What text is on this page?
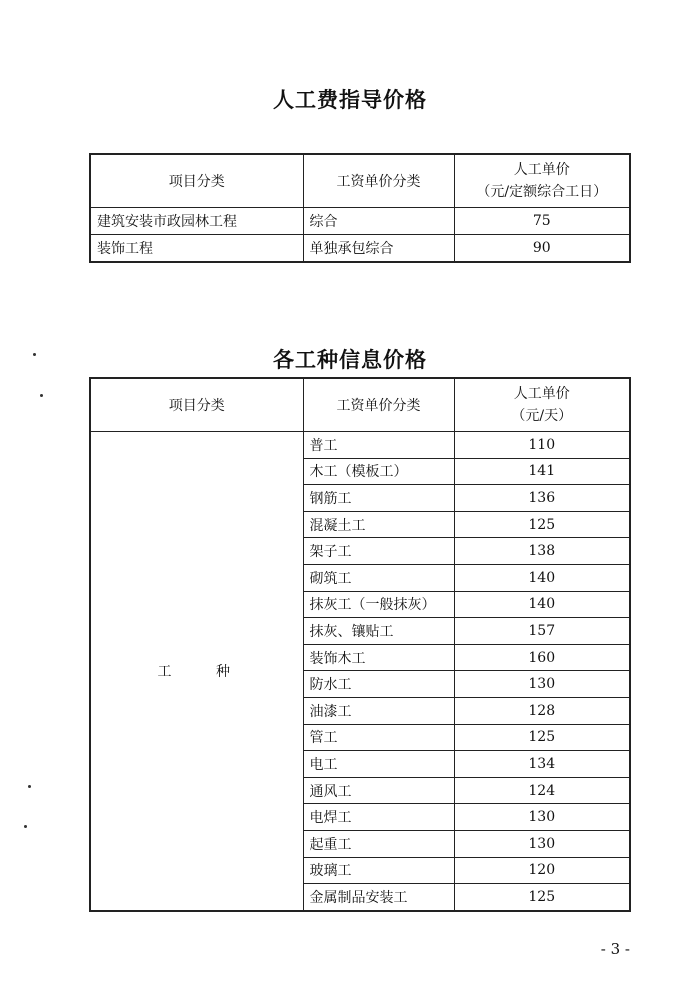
人工费指导价格
项目分类	工资单价分类	人工单价
（元/定额综合工日）

建筑安装市政园林工程	综合	75
装饰工程	单独承包综合	90
各工种信息价格
项目分类	工资单价分类	人工单价
（元/天）

工 种	普工	110
	木工（模板工）	141
	钢筋工	136
	混凝土工	125
	架子工	138
	砌筑工	140
	抹灰工（一般抹灰）	140
	抹灰、镶贴工	157
	装饰木工	160
	防水工	130
	油漆工	128
	管工	125
	电工	134
	通风工	124
	电焊工	130
	起重工	130
	玻璃工	120
	金属制品安装工	125
- 3 -
